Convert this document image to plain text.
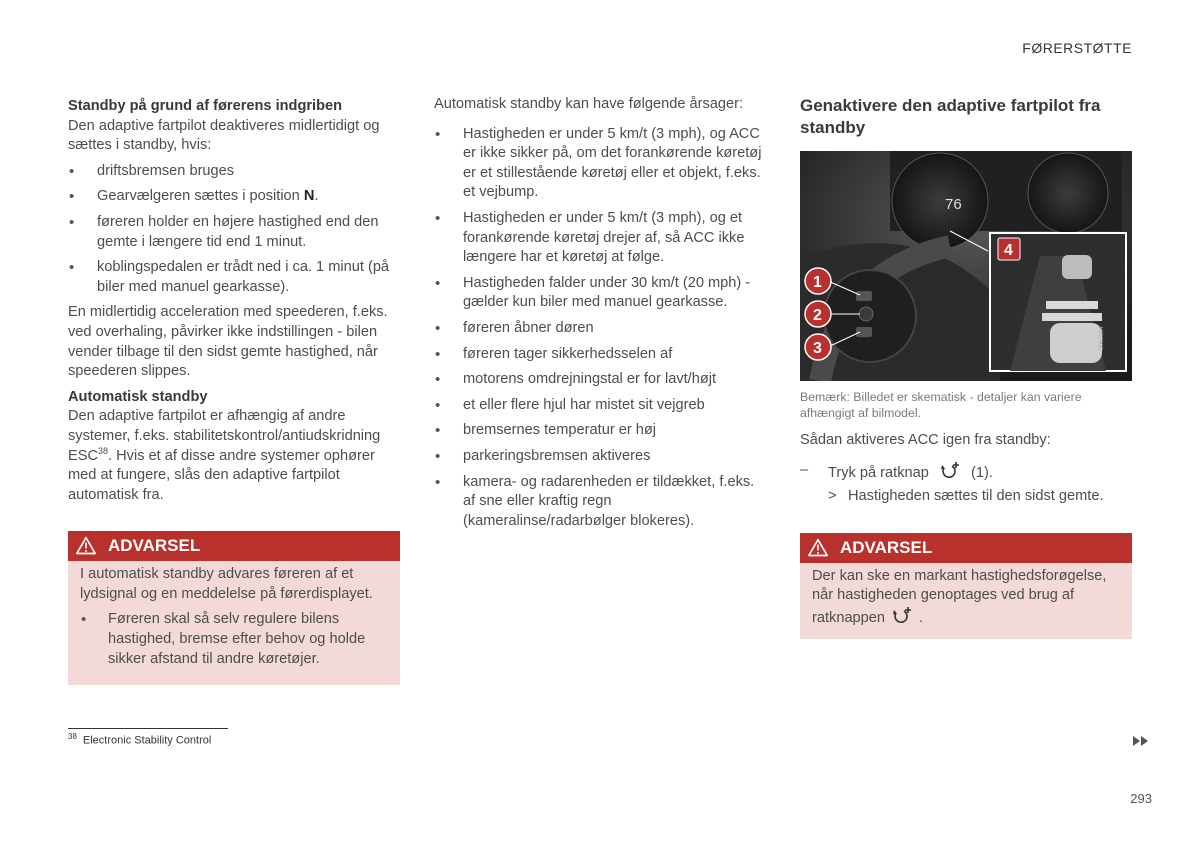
FØRERSTØTTE
Standby på grund af førerens indgriben

Den adaptive fartpilot deaktiveres midlertidigt og sættes i standby, hvis:

• driftsbremsen bruges
• Gearvælgeren sættes i position N.
• føreren holder en højere hastighed end den gemte i længere tid end 1 minut.
• koblingspedalen er trådt ned i ca. 1 minut (på biler med manuel gearkasse).

En midlertidig acceleration med speederen, f.eks. ved overhaling, påvirker ikke indstillingen - bilen vender tilbage til den sidst gemte hastighed, når speederen slippes.

Automatisk standby

Den adaptive fartpilot er afhængig af andre systemer, f.eks. stabilitetskontrol/antiudskridning ESC$^{38}$. Hvis et af disse andre systemer ophører med at fungere, slås den adaptive fartpilot automatisk fra.

ADVARSEL

I automatisk standby advares føreren af et lydsignal og en meddelelse på førerdisplayet.

• Føreren skal så selv regulere bilens hastighed, bremse efter behov og holde sikker afstand til andre køretøjer.

Automatisk standby kan have følgende årsager:

• Hastigheden er under 5 km/t (3 mph), og ACC er ikke sikker på, om det forankørende køretøj er et stillestående køretøj eller et objekt, f.eks. et vejbump.
• Hastigheden er under 5 km/t (3 mph), og et forankørende køretøj drejer af, så ACC ikke længere har et køretøj at følge.
• Hastigheden falder under 30 km/t (20 mph) - gælder kun biler med manuel gearkasse.
• føreren åbner døren
• føreren tager sikkerhedsselen af
• motorens omdrejningstal er for lavt/højt
• et eller flere hjul har mistet sit vejgreb
• bremsernes temperatur er høj
• parkeringsbremsen aktiveres
• kamera- og radarenheden er tildækket, f.eks. af sne eller kraftig regn (kameralinse/radarbølger blokeres).
Genaktivere den adaptive fartpilot fra standby
76
1
2
3	G062064
4
Bemærk: Billedet er skematisk - detaljer kan variere afhængigt af bilmodel.

Sådan aktiveres ACC igen fra standby:

– Tryk på ratknap	(1).
> Hastigheden sættes til den sidst gemte.
ADVARSEL

Der kan ske en markant hastighedsforøgelse, når hastigheden genoptages ved brug af ratknappen .

$^{38}$ Electronic Stability Control
293
